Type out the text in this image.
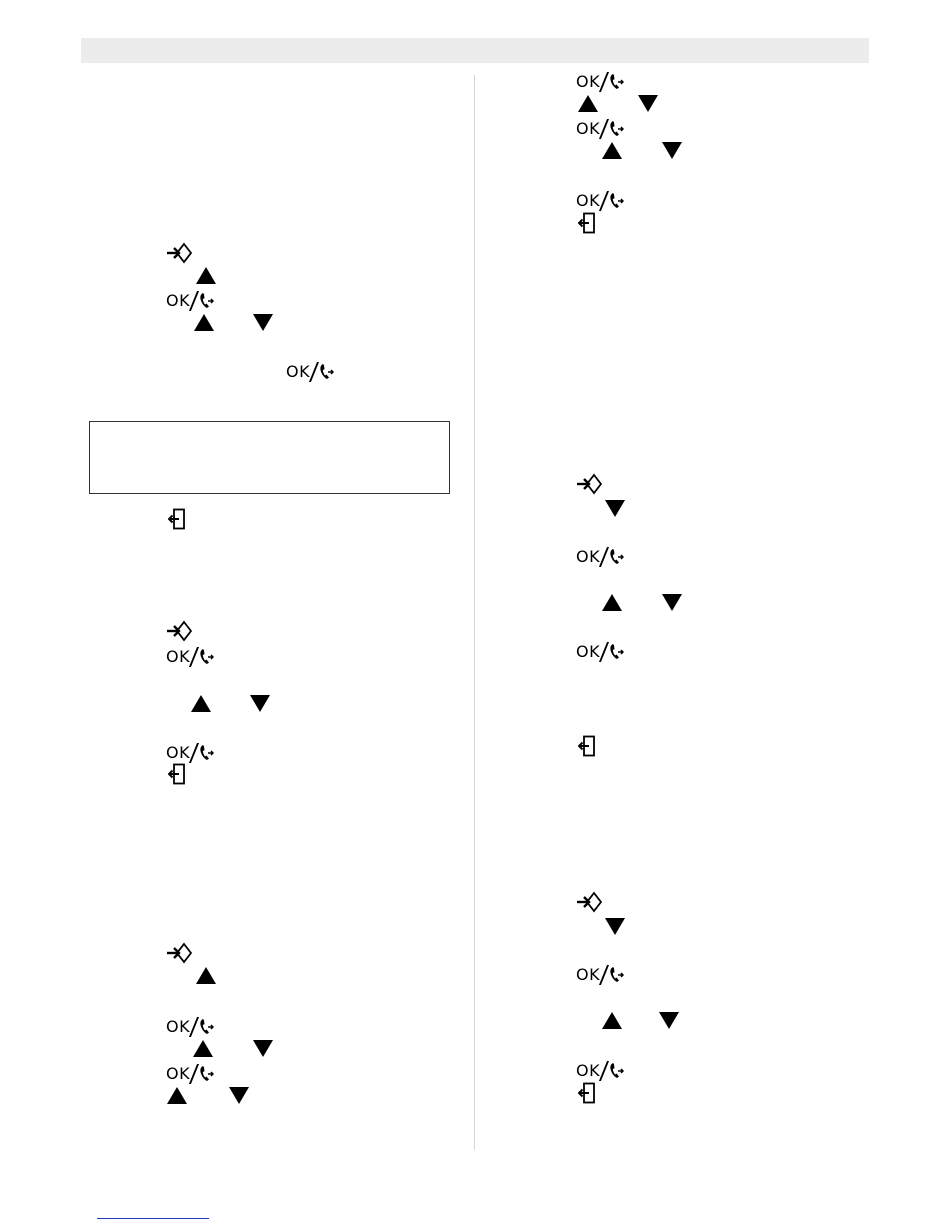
OK
OK
OK
OK
OK
OK
OK
OK
OK
OK
OK
OK
OK
